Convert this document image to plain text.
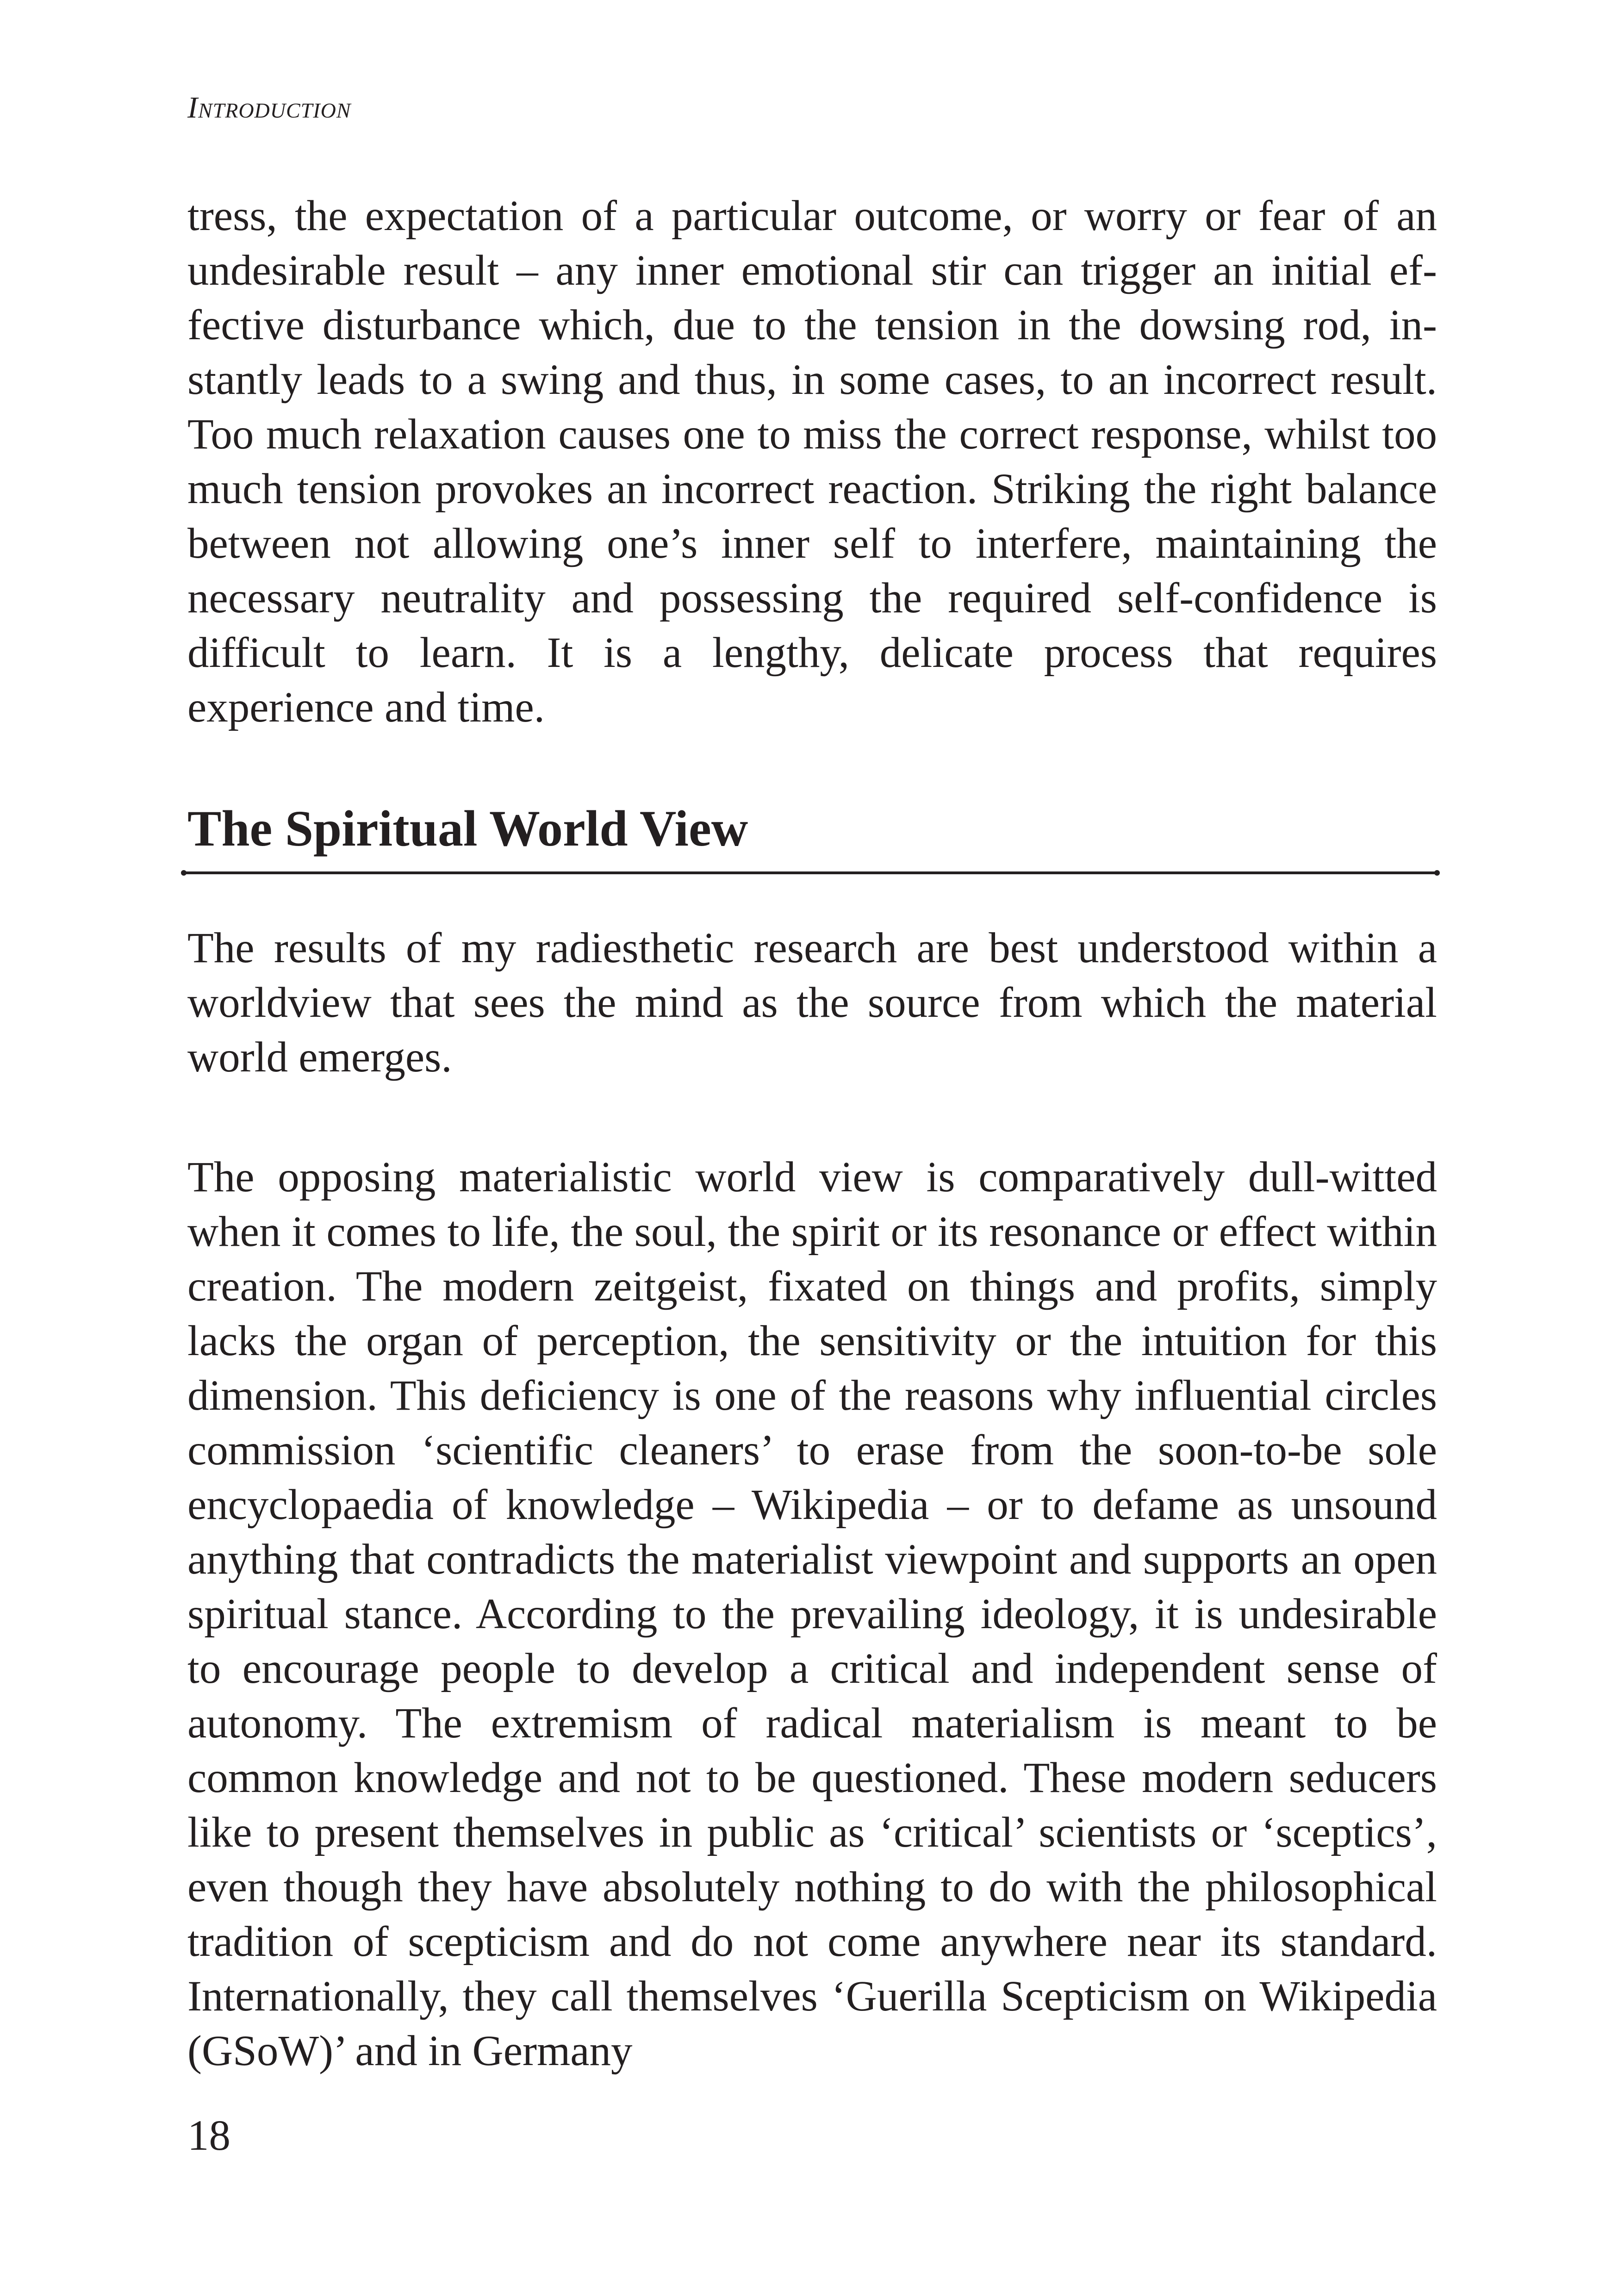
Introduction

tress, the expectation of a particular outcome, or worry or fear of an undesirable result – any inner emotional stir can trigger an initial effective disturbance which, due to the tension in the dowsing rod, instantly leads to a swing and thus, in some cases, to an incorrect result. Too much relaxation causes one to miss the correct response, whilst too much tension provokes an incorrect reaction. Striking the right balance between not allowing one’s inner self to interfere, maintaining the necessary neutrality and possessing the required self-confidence is difficult to learn. It is a lengthy, delicate process that requires experience and time.

The Spiritual World View

The results of my radiesthetic research are best understood within a worldview that sees the mind as the source from which the material world emerges.

The opposing materialistic world view is comparatively dull-witted when it comes to life, the soul, the spirit or its resonance or effect within creation. The modern zeitgeist, fixated on things and profits, simply lacks the organ of perception, the sensitivity or the intuition for this dimension. This deficiency is one of the reasons why influential circles commission ‘scientific cleaners’ to erase from the soon-to-be sole encyclopaedia of knowledge – Wikipedia – or to defame as unsound anything that contradicts the materialist viewpoint and supports an open spiritual stance. According to the prevailing ideology, it is undesirable to encourage people to develop a critical and independent sense of autonomy. The extremism of radical materialism is meant to be common knowledge and not to be questioned. These modern seducers like to present themselves in public as ‘critical’ scientists or ‘sceptics’, even though they have absolutely nothing to do with the philosophical tradition of scepticism and do not come anywhere near its standard. Internationally, they call themselves ‘Guerilla Scepticism on Wikipedia (GSoW)’ and in Germany

18
